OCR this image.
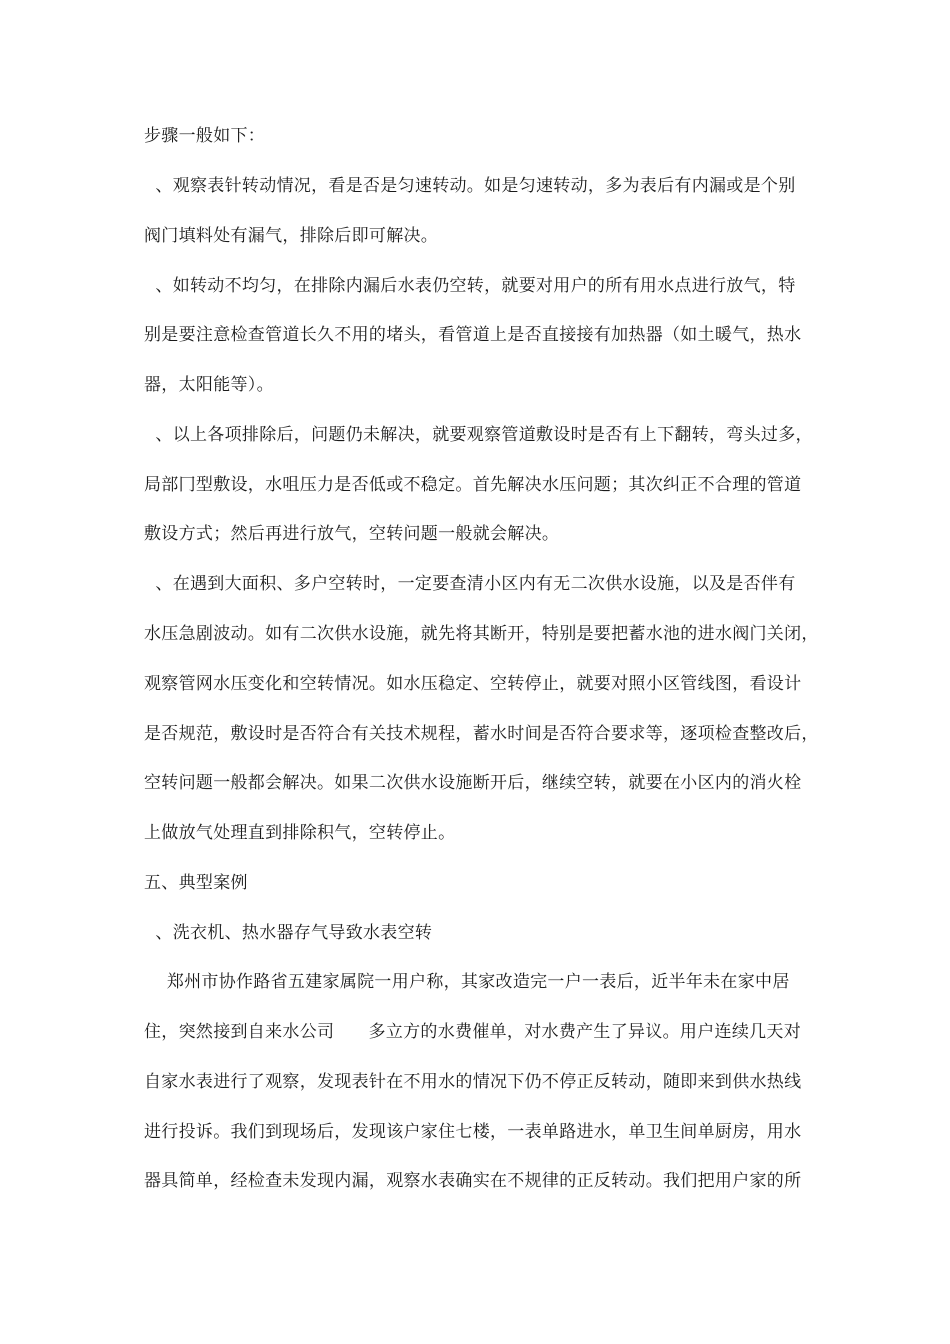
步骤一般如下：
、观察表针转动情况，看是否是匀速转动。如是匀速转动，多为表后有内漏或是个别
阀门填料处有漏气，排除后即可解决。
、如转动不均匀，在排除内漏后水表仍空转，就要对用户的所有用水点进行放气，特
别是要注意检查管道长久不用的堵头，看管道上是否直接接有加热器（如土暖气，热水
器，太阳能等）。
、以上各项排除后，问题仍未解决，就要观察管道敷设时是否有上下翻转，弯头过多，
局部冂型敷设，水咀压力是否低或不稳定。首先解决水压问题；其次纠正不合理的管道
敷设方式；然后再进行放气，空转问题一般就会解决。
、在遇到大面积、多户空转时，一定要查清小区内有无二次供水设施，以及是否伴有
水压急剧波动。如有二次供水设施，就先将其断开，特别是要把蓄水池的进水阀门关闭，
观察管网水压变化和空转情况。如水压稳定、空转停止，就要对照小区管线图，看设计
是否规范，敷设时是否符合有关技术规程，蓄水时间是否符合要求等，逐项检查整改后，
空转问题一般都会解决。如果二次供水设施断开后，继续空转，就要在小区内的消火栓
上做放气处理直到排除积气，空转停止。
五、典型案例
、洗衣机、热水器存气导致水表空转
郑州市协作路省五建家属院一用户称，其家改造完一户一表后，近半年未在家中居
住，突然接到自来水公司      多立方的水费催单，对水费产生了异议。用户连续几天对
自家水表进行了观察，发现表针在不用水的情况下仍不停正反转动，随即来到供水热线
进行投诉。我们到现场后，发现该户家住七楼，一表单路进水，单卫生间单厨房，用水
器具简单，经检查未发现内漏，观察水表确实在不规律的正反转动。我们把用户家的所
